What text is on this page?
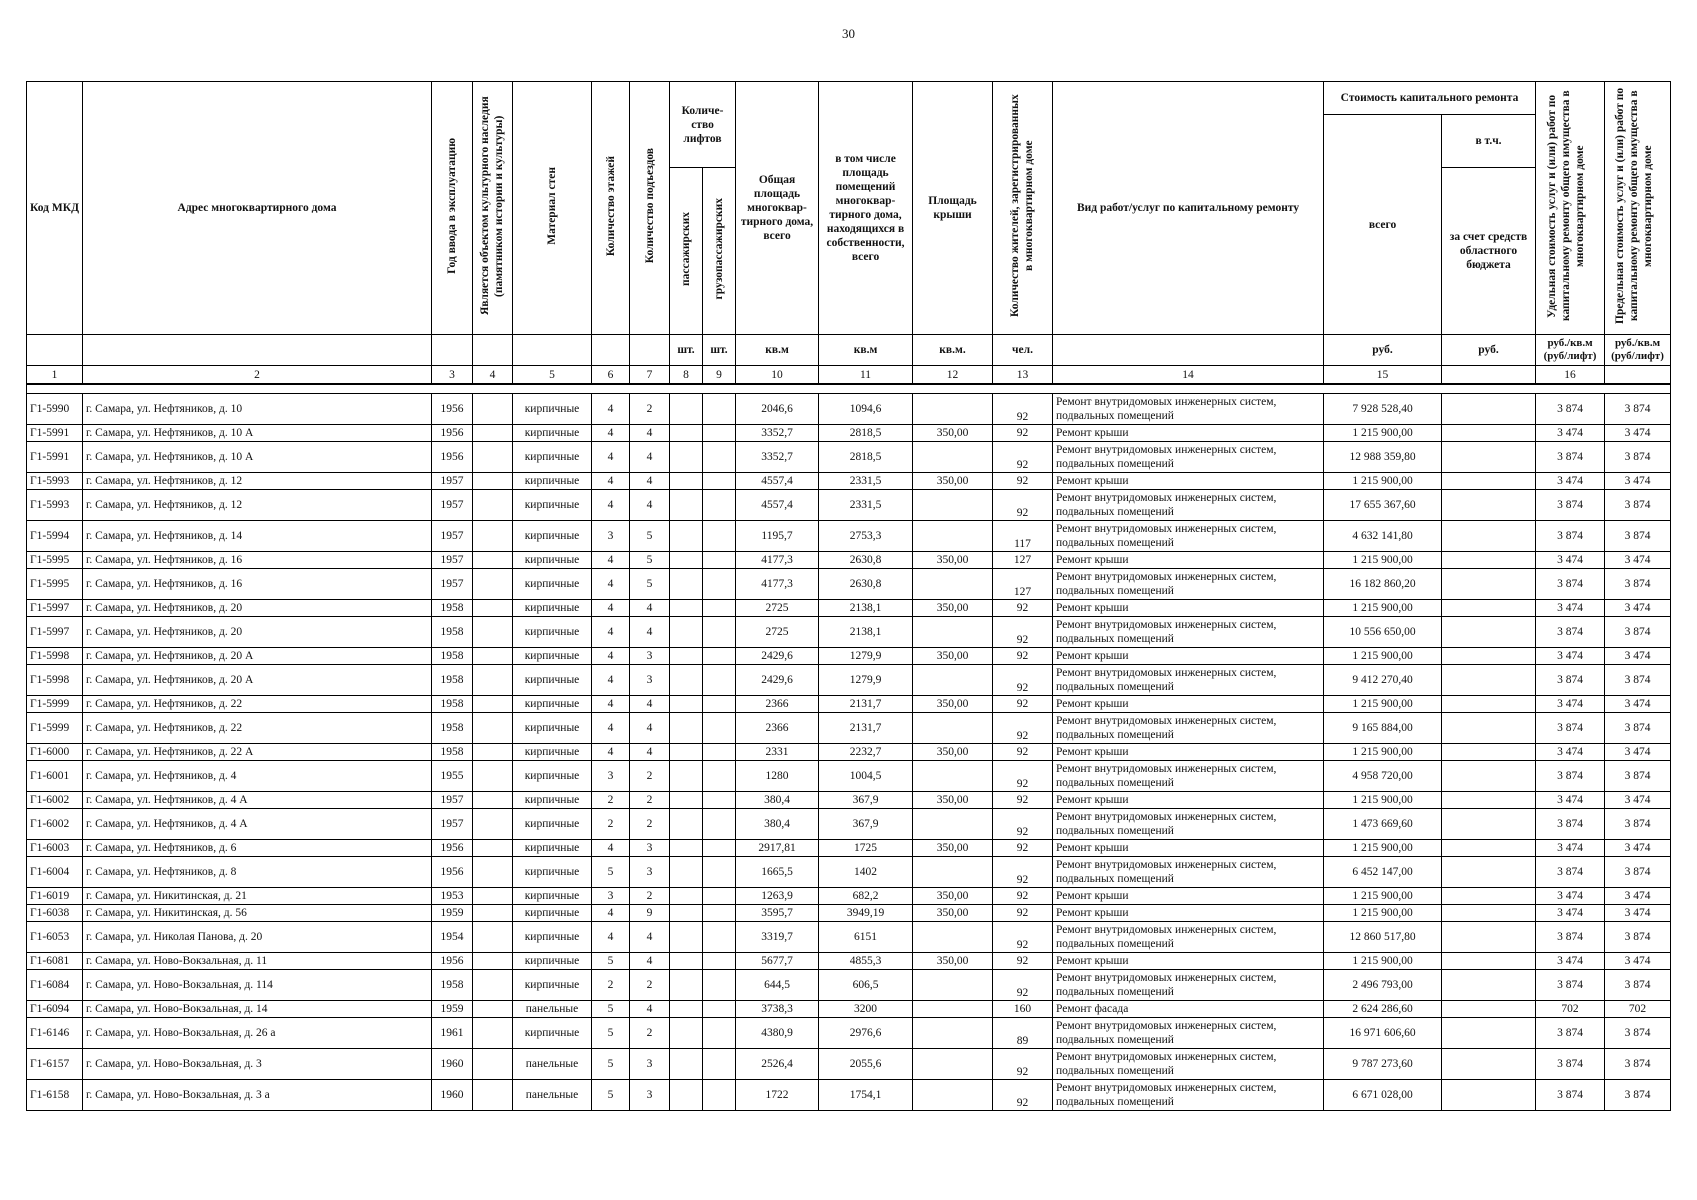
30
Код МКД	Адрес многоквартирного дома	Год ввода в эксплуатацию	Является объектом культурного наследия (памятником истории и культуры)	Материал стен	Количество этажей	Количество подъездов	Количе-ство лифтов		Общая площадь многоквар-тирного дома, всего	в том числе площадь помещений многоквар-тирного дома, находящихся в собственности, всего	Площадь крыши	Количество жителей, зарегистрированных в многоквартирном доме	Вид работ/услуг по капитальному ремонту	Стоимость капитального ремонта		Удельная стоимость услуг и (или) работ по капитальному ремонту общего имущества в многоквартирном доме	Предельная стоимость услуг и (или) работ по капитальному ремонту общего имущества в многоквартирном доме
														всего	в т.ч.		
							пассажирских	грузопассажирских							за счет средств областного бюджета		
							шт.	шт.	кв.м	кв.м	кв.м.	чел.		руб.	руб.	руб./кв.м (руб/лифт)	руб./кв.м (руб/лифт)
1	2	3	4	5	6	7	8	9	10	11	12	13	14	15		16	

Г1-5990	г. Самара, ул. Нефтяников, д. 10	1956		кирпичные	4	2			2046,6	1094,6		92	Ремонт внутридомовых инженерных систем, подвальных помещений	7 928 528,40		3 874	3 874
Г1-5991	г. Самара, ул. Нефтяников, д. 10 А	1956		кирпичные	4	4			3352,7	2818,5	350,00	92	Ремонт крыши	1 215 900,00		3 474	3 474
Г1-5991	г. Самара, ул. Нефтяников, д. 10 А	1956		кирпичные	4	4			3352,7	2818,5		92	Ремонт внутридомовых инженерных систем, подвальных помещений	12 988 359,80		3 874	3 874
Г1-5993	г. Самара, ул. Нефтяников, д. 12	1957		кирпичные	4	4			4557,4	2331,5	350,00	92	Ремонт крыши	1 215 900,00		3 474	3 474
Г1-5993	г. Самара, ул. Нефтяников, д. 12	1957		кирпичные	4	4			4557,4	2331,5		92	Ремонт внутридомовых инженерных систем, подвальных помещений	17 655 367,60		3 874	3 874
Г1-5994	г. Самара, ул. Нефтяников, д. 14	1957		кирпичные	3	5			1195,7	2753,3		117	Ремонт внутридомовых инженерных систем, подвальных помещений	4 632 141,80		3 874	3 874
Г1-5995	г. Самара, ул. Нефтяников, д. 16	1957		кирпичные	4	5			4177,3	2630,8	350,00	127	Ремонт крыши	1 215 900,00		3 474	3 474
Г1-5995	г. Самара, ул. Нефтяников, д. 16	1957		кирпичные	4	5			4177,3	2630,8		127	Ремонт внутридомовых инженерных систем, подвальных помещений	16 182 860,20		3 874	3 874
Г1-5997	г. Самара, ул. Нефтяников, д. 20	1958		кирпичные	4	4			2725	2138,1	350,00	92	Ремонт крыши	1 215 900,00		3 474	3 474
Г1-5997	г. Самара, ул. Нефтяников, д. 20	1958		кирпичные	4	4			2725	2138,1		92	Ремонт внутридомовых инженерных систем, подвальных помещений	10 556 650,00		3 874	3 874
Г1-5998	г. Самара, ул. Нефтяников, д. 20 А	1958		кирпичные	4	3			2429,6	1279,9	350,00	92	Ремонт крыши	1 215 900,00		3 474	3 474
Г1-5998	г. Самара, ул. Нефтяников, д. 20 А	1958		кирпичные	4	3			2429,6	1279,9		92	Ремонт внутридомовых инженерных систем, подвальных помещений	9 412 270,40		3 874	3 874
Г1-5999	г. Самара, ул. Нефтяников, д. 22	1958		кирпичные	4	4			2366	2131,7	350,00	92	Ремонт крыши	1 215 900,00		3 474	3 474
Г1-5999	г. Самара, ул. Нефтяников, д. 22	1958		кирпичные	4	4			2366	2131,7		92	Ремонт внутридомовых инженерных систем, подвальных помещений	9 165 884,00		3 874	3 874
Г1-6000	г. Самара, ул. Нефтяников, д. 22 А	1958		кирпичные	4	4			2331	2232,7	350,00	92	Ремонт крыши	1 215 900,00		3 474	3 474
Г1-6001	г. Самара, ул. Нефтяников, д. 4	1955		кирпичные	3	2			1280	1004,5		92	Ремонт внутридомовых инженерных систем, подвальных помещений	4 958 720,00		3 874	3 874
Г1-6002	г. Самара, ул. Нефтяников, д. 4 А	1957		кирпичные	2	2			380,4	367,9	350,00	92	Ремонт крыши	1 215 900,00		3 474	3 474
Г1-6002	г. Самара, ул. Нефтяников, д. 4 А	1957		кирпичные	2	2			380,4	367,9		92	Ремонт внутридомовых инженерных систем, подвальных помещений	1 473 669,60		3 874	3 874
Г1-6003	г. Самара, ул. Нефтяников, д. 6	1956		кирпичные	4	3			2917,81	1725	350,00	92	Ремонт крыши	1 215 900,00		3 474	3 474
Г1-6004	г. Самара, ул. Нефтяников, д. 8	1956		кирпичные	5	3			1665,5	1402		92	Ремонт внутридомовых инженерных систем, подвальных помещений	6 452 147,00		3 874	3 874
Г1-6019	г. Самара, ул. Никитинская, д. 21	1953		кирпичные	3	2			1263,9	682,2	350,00	92	Ремонт крыши	1 215 900,00		3 474	3 474
Г1-6038	г. Самара, ул. Никитинская, д. 56	1959		кирпичные	4	9			3595,7	3949,19	350,00	92	Ремонт крыши	1 215 900,00		3 474	3 474
Г1-6053	г. Самара, ул. Николая Панова, д. 20	1954		кирпичные	4	4			3319,7	6151		92	Ремонт внутридомовых инженерных систем, подвальных помещений	12 860 517,80		3 874	3 874
Г1-6081	г. Самара, ул. Ново-Вокзальная, д. 11	1956		кирпичные	5	4			5677,7	4855,3	350,00	92	Ремонт крыши	1 215 900,00		3 474	3 474
Г1-6084	г. Самара, ул. Ново-Вокзальная, д. 114	1958		кирпичные	2	2			644,5	606,5		92	Ремонт внутридомовых инженерных систем, подвальных помещений	2 496 793,00		3 874	3 874
Г1-6094	г. Самара, ул. Ново-Вокзальная, д. 14	1959		панельные	5	4			3738,3	3200		160	Ремонт фасада	2 624 286,60		702	702
Г1-6146	г. Самара, ул. Ново-Вокзальная, д. 26 а	1961		кирпичные	5	2			4380,9	2976,6		89	Ремонт внутридомовых инженерных систем, подвальных помещений	16 971 606,60		3 874	3 874
Г1-6157	г. Самара, ул. Ново-Вокзальная, д. 3	1960		панельные	5	3			2526,4	2055,6		92	Ремонт внутридомовых инженерных систем, подвальных помещений	9 787 273,60		3 874	3 874
Г1-6158	г. Самара, ул. Ново-Вокзальная, д. 3 а	1960		панельные	5	3			1722	1754,1		92	Ремонт внутридомовых инженерных систем, подвальных помещений	6 671 028,00		3 874	3 874
